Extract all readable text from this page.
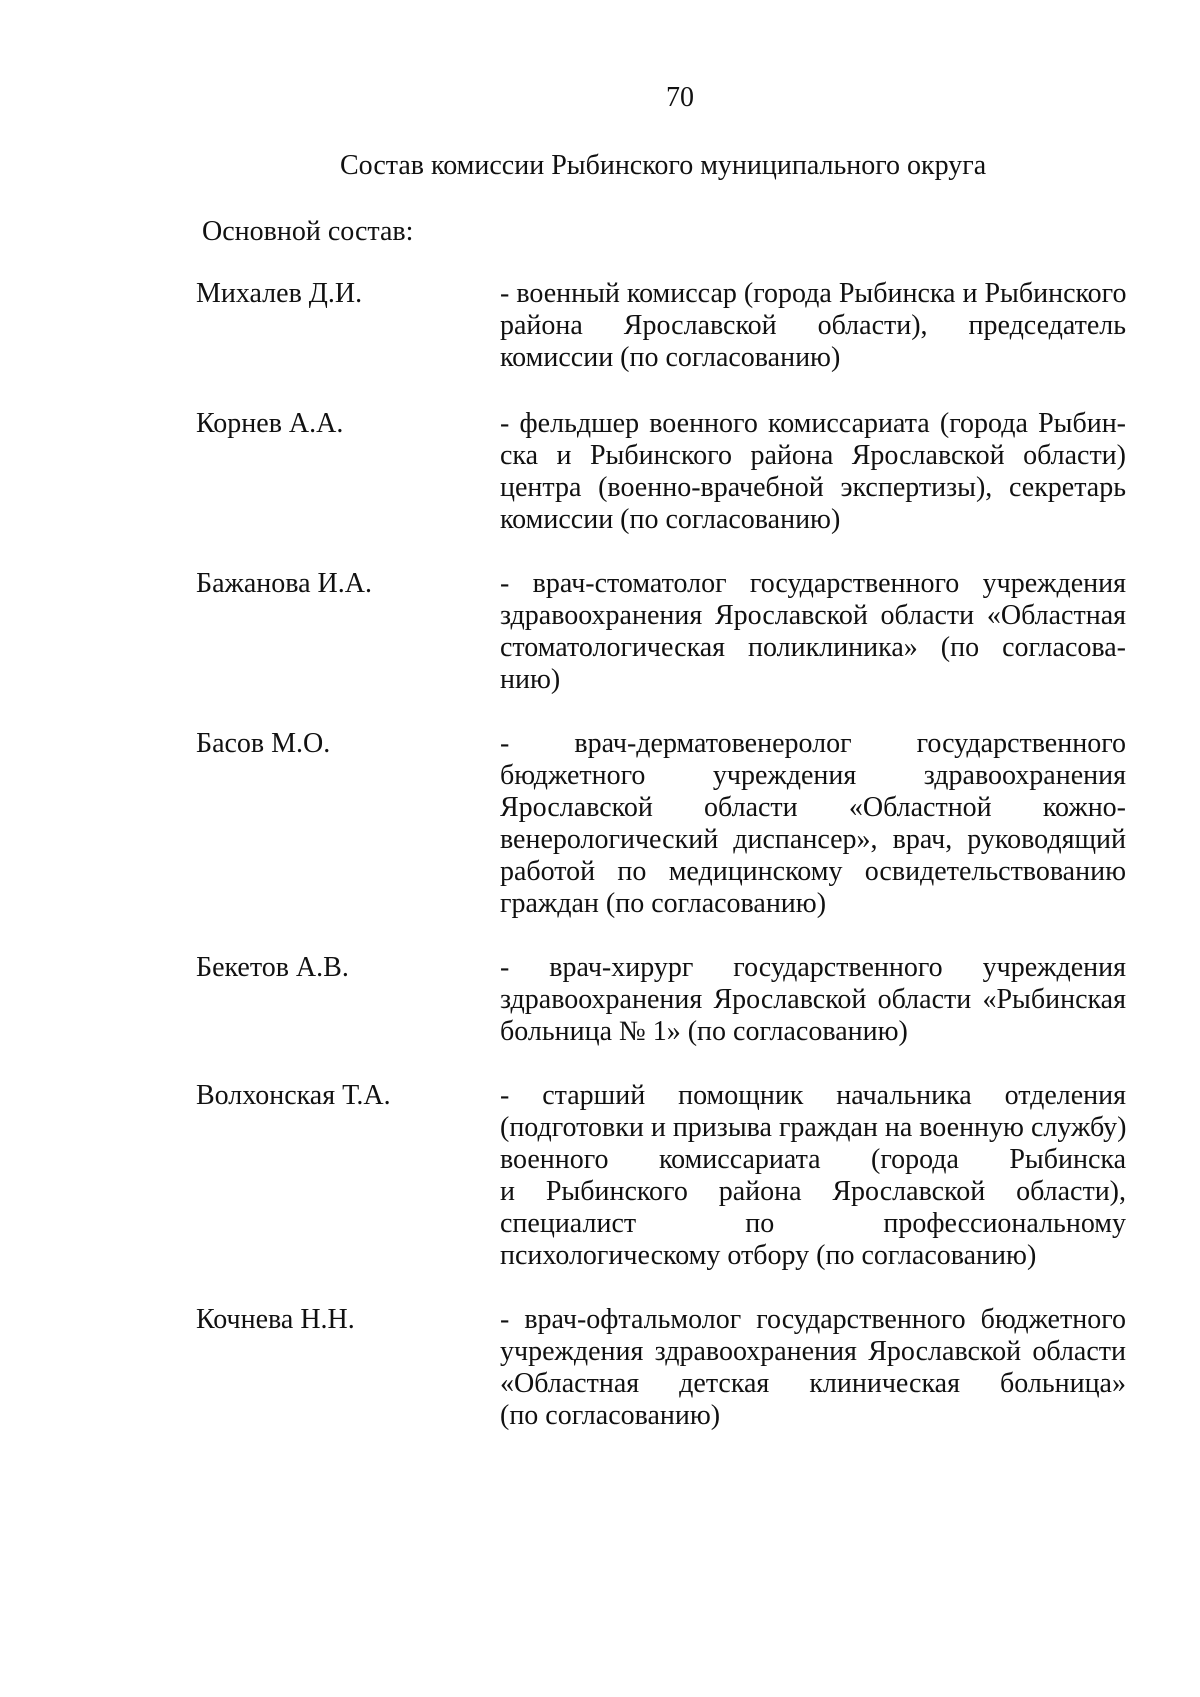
70
Состав комиссии Рыбинского муниципального округа
Основной состав:
Михалев Д.И.	- военный комиссар (города Рыбинска и Рыбинского
района Ярославской области), председатель
комиссии (по согласованию)
Корнев А.А.	- фельдшер военного комиссариата (города Рыбин-
ска и Рыбинского района Ярославской области)
центра (военно-врачебной экспертизы), секретарь
комиссии (по согласованию)
Бажанова И.А.	- врач-стоматолог государственного учреждения
здравоохранения Ярославской области «Областная
стоматологическая поликлиника» (по согласова-
нию)
Басов М.О.	- врач-дерматовенеролог государственного
бюджетного учреждения здравоохранения
Ярославской области «Областной кожно-
венерологический диспансер», врач, руководящий
работой по медицинскому освидетельствованию
граждан (по согласованию)
Бекетов А.В.	- врач-хирург государственного учреждения
здравоохранения Ярославской области «Рыбинская
больница № 1» (по согласованию)
Волхонская Т.А.	- старший помощник начальника отделения
(подготовки и призыва граждан на военную службу)
военного комиссариата (города Рыбинска
и Рыбинского района Ярославской области),
специалист по профессиональному
психологическому отбору (по согласованию)
Кочнева Н.Н.	- врач-офтальмолог государственного бюджетного
учреждения здравоохранения Ярославской области
«Областная детская клиническая больница»
(по согласованию)
